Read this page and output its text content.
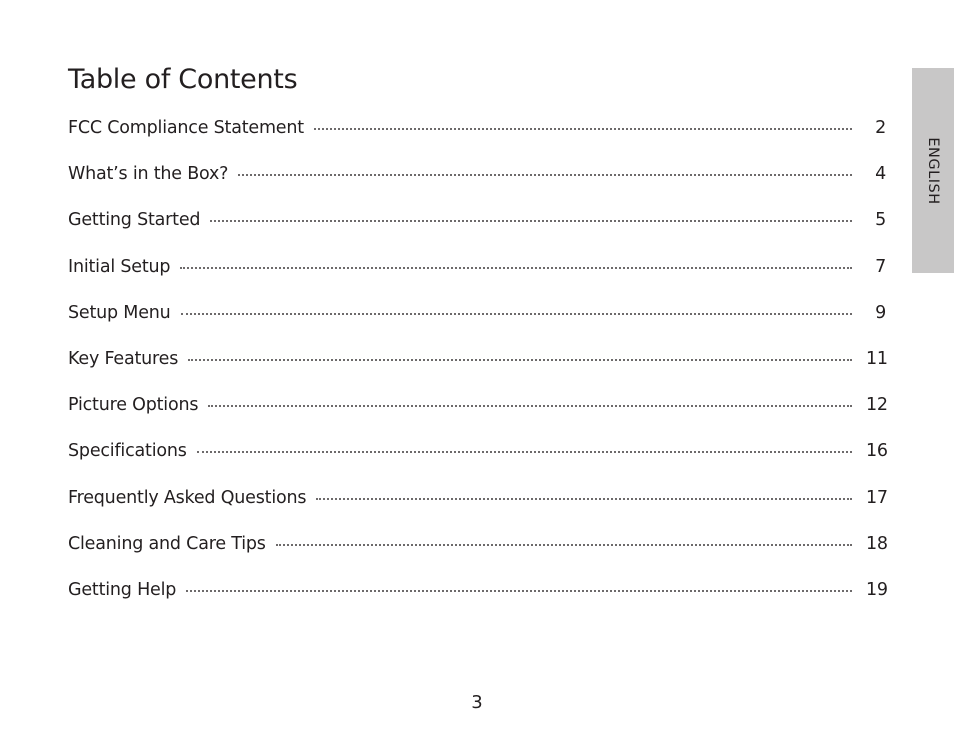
Table of Contents
FCC Compliance Statement	2
What’s in the Box?	4
Getting Started	5
Initial Setup	7
Setup Menu	9
Key Features	11
Picture Options	12
Specifications	16
Frequently Asked Questions	17
Cleaning and Care Tips	18
Getting Help	19
ENGLISH
3
